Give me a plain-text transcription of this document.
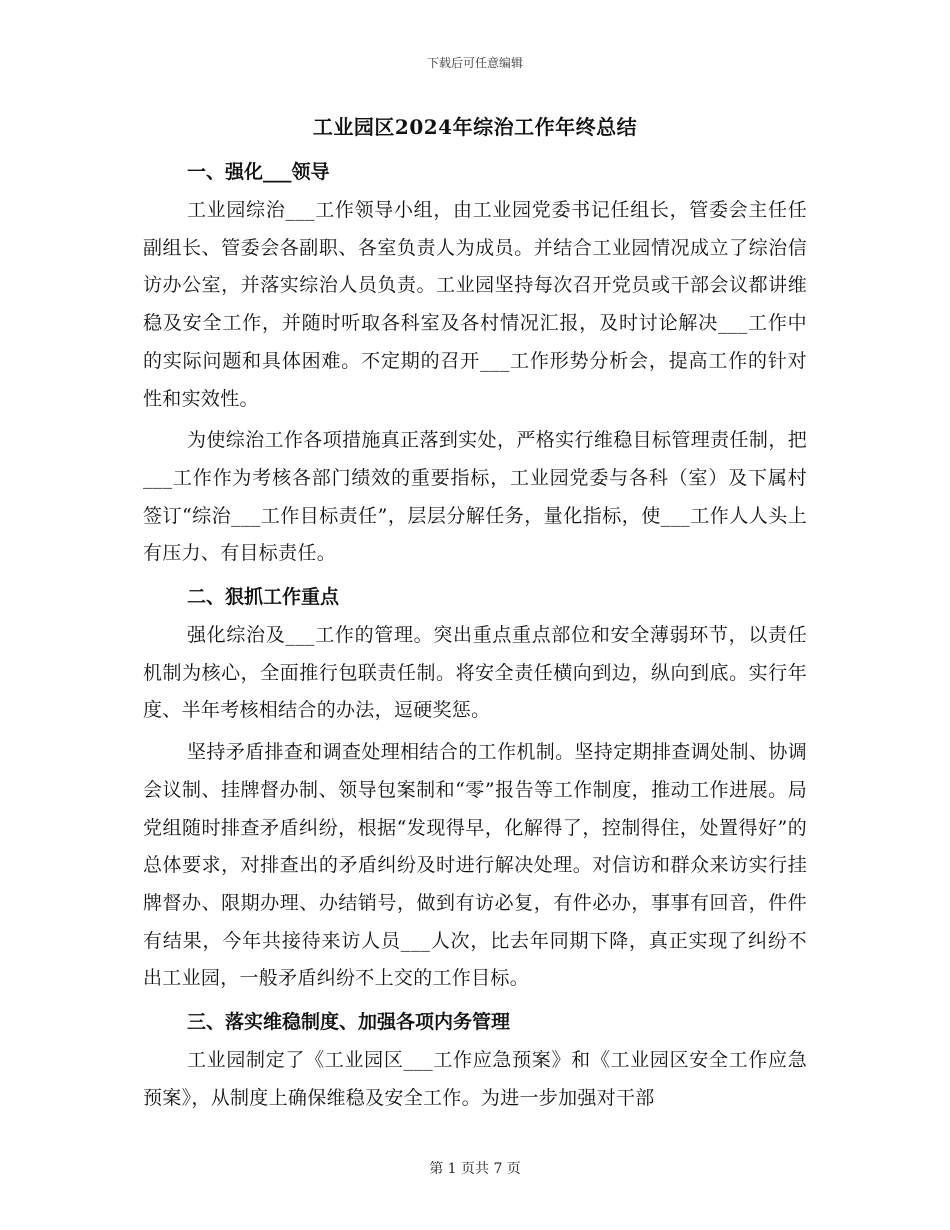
下载后可任意编辑
工业园区2024年综治工作年终总结
一、强化___领导

工业园综治___工作领导小组，由工业园党委书记任组长，管委会主任任副组长、管委会各副职、各室负责人为成员。并结合工业园情况成立了综治信访办公室，并落实综治人员负责。工业园坚持每次召开党员或干部会议都讲维稳及安全工作，并随时听取各科室及各村情况汇报，及时讨论解决___工作中的实际问题和具体困难。不定期的召开___工作形势分析会，提高工作的针对性和实效性。

为使综治工作各项措施真正落到实处，严格实行维稳目标管理责任制，把___工作作为考核各部门绩效的重要指标，工业园党委与各科（室）及下属村签订“综治___工作目标责任”，层层分解任务，量化指标，使___工作人人头上有压力、有目标责任。

二、狠抓工作重点

强化综治及___工作的管理。突出重点重点部位和安全薄弱环节，以责任机制为核心，全面推行包联责任制。将安全责任横向到边，纵向到底。实行年度、半年考核相结合的办法，逗硬奖惩。

坚持矛盾排查和调查处理相结合的工作机制。坚持定期排查调处制、协调会议制、挂牌督办制、领导包案制和“零”报告等工作制度，推动工作进展。局党组随时排查矛盾纠纷，根据“发现得早，化解得了，控制得住，处置得好”的总体要求，对排查出的矛盾纠纷及时进行解决处理。对信访和群众来访实行挂牌督办、限期办理、办结销号，做到有访必复，有件必办，事事有回音，件件有结果，今年共接待来访人员___人次，比去年同期下降，真正实现了纠纷不出工业园，一般矛盾纠纷不上交的工作目标。

三、落实维稳制度、加强各项内务管理

工业园制定了《工业园区___工作应急预案》和《工业园区安全工作应急预案》，从制度上确保维稳及安全工作。为进一步加强对干部

第 1 页共 7 页
